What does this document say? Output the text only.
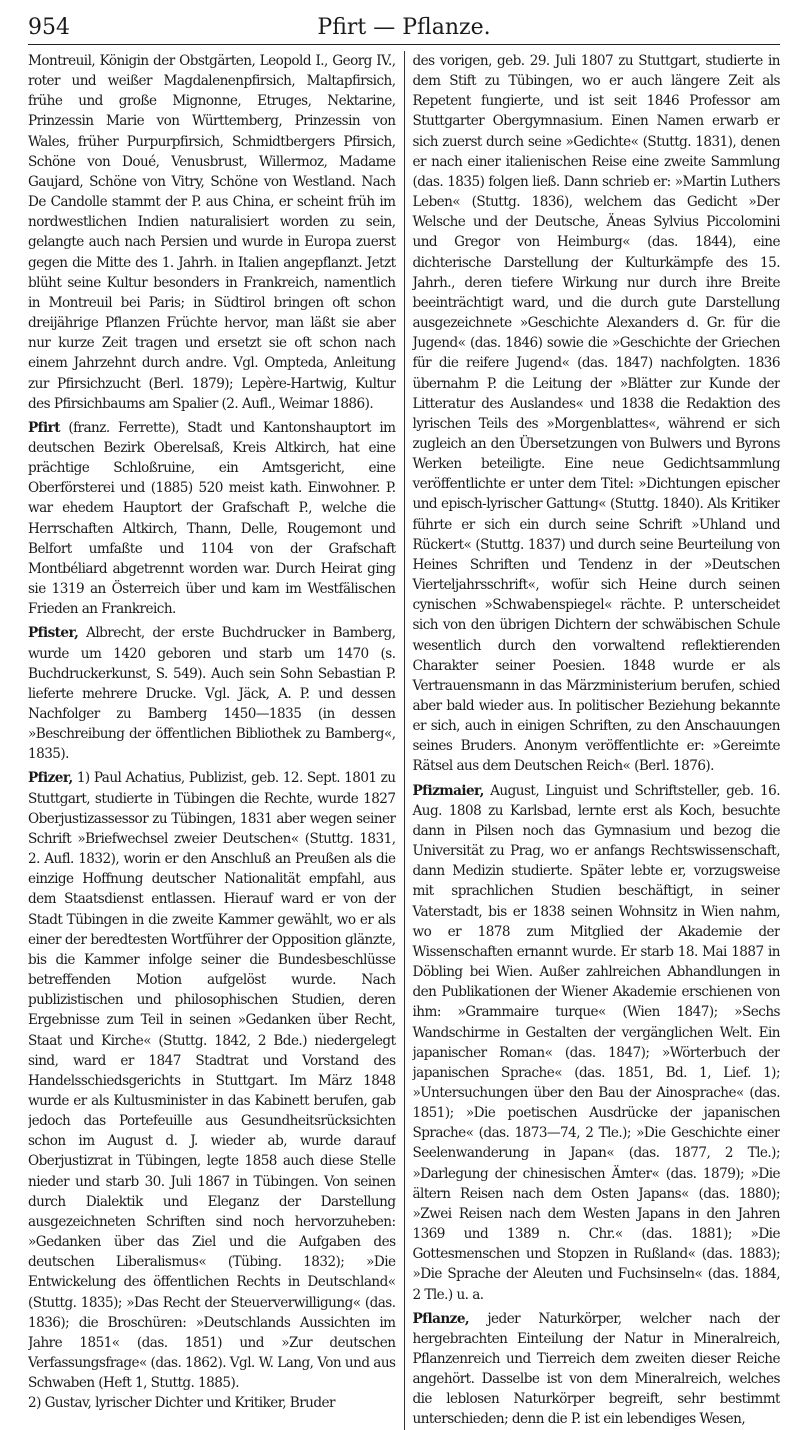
954	Pfirt — Pflanze.

Montreuil, Königin der Obstgärten, Leopold I., Georg IV., roter und weißer Magdalenenpfirsich, Maltapfirsich, frühe und große Mignonne, Etruges, Nektarine, Prinzessin Marie von Württemberg, Prinzessin von Wales, früher Purpurpfirsich, Schmidtbergers Pfirsich, Schöne von Doué, Venusbrust, Willermoz, Madame Gaujard, Schöne von Vitry, Schöne von Westland. Nach De Candolle stammt der P. aus China, er scheint früh im nordwestlichen Indien naturalisiert worden zu sein, gelangte auch nach Persien und wurde in Europa zuerst gegen die Mitte des 1. Jahrh. in Italien angepflanzt. Jetzt blüht seine Kultur besonders in Frankreich, namentlich in Montreuil bei Paris; in Südtirol bringen oft schon dreijährige Pflanzen Früchte hervor, man läßt sie aber nur kurze Zeit tragen und ersetzt sie oft schon nach einem Jahrzehnt durch andre. Vgl. Ompteda, Anleitung zur Pfirsichzucht (Berl. 1879); Lepère-Hartwig, Kultur des Pfirsichbaums am Spalier (2. Aufl., Weimar 1886).

Pfirt (franz. Ferrette), Stadt und Kantonshauptort im deutschen Bezirk Oberelsaß, Kreis Altkirch, hat eine prächtige Schloßruine, ein Amtsgericht, eine Oberförsterei und (1885) 520 meist kath. Einwohner. P. war ehedem Hauptort der Grafschaft P., welche die Herrschaften Altkirch, Thann, Delle, Rougemont und Belfort umfaßte und 1104 von der Grafschaft Montbéliard abgetrennt worden war. Durch Heirat ging sie 1319 an Österreich über und kam im Westfälischen Frieden an Frankreich.

Pfister, Albrecht, der erste Buchdrucker in Bamberg, wurde um 1420 geboren und starb um 1470 (s. Buchdruckerkunst, S. 549). Auch sein Sohn Sebastian P. lieferte mehrere Drucke. Vgl. Jäck, A. P. und dessen Nachfolger zu Bamberg 1450—1835 (in dessen »Beschreibung der öffentlichen Bibliothek zu Bamberg«, 1835).

Pfizer, 1) Paul Achatius, Publizist, geb. 12. Sept. 1801 zu Stuttgart, studierte in Tübingen die Rechte, wurde 1827 Oberjustizassessor zu Tübingen, 1831 aber wegen seiner Schrift »Briefwechsel zweier Deutschen« (Stuttg. 1831, 2. Aufl. 1832), worin er den Anschluß an Preußen als die einzige Hoffnung deutscher Nationalität empfahl, aus dem Staatsdienst entlassen. Hierauf ward er von der Stadt Tübingen in die zweite Kammer gewählt, wo er als einer der beredtesten Wortführer der Opposition glänzte, bis die Kammer infolge seiner die Bundesbeschlüsse betreffenden Motion aufgelöst wurde. Nach publizistischen und philosophischen Studien, deren Ergebnisse zum Teil in seinen »Gedanken über Recht, Staat und Kirche« (Stuttg. 1842, 2 Bde.) niedergelegt sind, ward er 1847 Stadtrat und Vorstand des Handelsschiedsgerichts in Stuttgart. Im März 1848 wurde er als Kultusminister in das Kabinett berufen, gab jedoch das Portefeuille aus Gesundheitsrücksichten schon im August d. J. wieder ab, wurde darauf Oberjustizrat in Tübingen, legte 1858 auch diese Stelle nieder und starb 30. Juli 1867 in Tübingen. Von seinen durch Dialektik und Eleganz der Darstellung ausgezeichneten Schriften sind noch hervorzuheben: »Gedanken über das Ziel und die Aufgaben des deutschen Liberalismus« (Tübing. 1832); »Die Entwickelung des öffentlichen Rechts in Deutschland« (Stuttg. 1835); »Das Recht der Steuerverwilligung« (das. 1836); die Broschüren: »Deutschlands Aussichten im Jahre 1851« (das. 1851) und »Zur deutschen Verfassungsfrage« (das. 1862). Vgl. W. Lang, Von und aus Schwaben (Heft 1, Stuttg. 1885).

2) Gustav, lyrischer Dichter und Kritiker, Bruder

des vorigen, geb. 29. Juli 1807 zu Stuttgart, studierte in dem Stift zu Tübingen, wo er auch längere Zeit als Repetent fungierte, und ist seit 1846 Professor am Stuttgarter Obergymnasium. Einen Namen erwarb er sich zuerst durch seine »Gedichte« (Stuttg. 1831), denen er nach einer italienischen Reise eine zweite Sammlung (das. 1835) folgen ließ. Dann schrieb er: »Martin Luthers Leben« (Stuttg. 1836), welchem das Gedicht »Der Welsche und der Deutsche, Äneas Sylvius Piccolomini und Gregor von Heimburg« (das. 1844), eine dichterische Darstellung der Kulturkämpfe des 15. Jahrh., deren tiefere Wirkung nur durch ihre Breite beeinträchtigt ward, und die durch gute Darstellung ausgezeichnete »Geschichte Alexanders d. Gr. für die Jugend« (das. 1846) sowie die »Geschichte der Griechen für die reifere Jugend« (das. 1847) nachfolgten. 1836 übernahm P. die Leitung der »Blätter zur Kunde der Litteratur des Auslandes« und 1838 die Redaktion des lyrischen Teils des »Morgenblattes«, während er sich zugleich an den Übersetzungen von Bulwers und Byrons Werken beteiligte. Eine neue Gedichtsammlung veröffentlichte er unter dem Titel: »Dichtungen epischer und episch-lyrischer Gattung« (Stuttg. 1840). Als Kritiker führte er sich ein durch seine Schrift »Uhland und Rückert« (Stuttg. 1837) und durch seine Beurteilung von Heines Schriften und Tendenz in der »Deutschen Vierteljahrsschrift«, wofür sich Heine durch seinen cynischen »Schwabenspiegel« rächte. P. unterscheidet sich von den übrigen Dichtern der schwäbischen Schule wesentlich durch den vorwaltend reflektierenden Charakter seiner Poesien. 1848 wurde er als Vertrauensmann in das Märzministerium berufen, schied aber bald wieder aus. In politischer Beziehung bekannte er sich, auch in einigen Schriften, zu den Anschauungen seines Bruders. Anonym veröffentlichte er: »Gereimte Rätsel aus dem Deutschen Reich« (Berl. 1876).

Pfizmaier, August, Linguist und Schriftsteller, geb. 16. Aug. 1808 zu Karlsbad, lernte erst als Koch, besuchte dann in Pilsen noch das Gymnasium und bezog die Universität zu Prag, wo er anfangs Rechtswissenschaft, dann Medizin studierte. Später lebte er, vorzugsweise mit sprachlichen Studien beschäftigt, in seiner Vaterstadt, bis er 1838 seinen Wohnsitz in Wien nahm, wo er 1878 zum Mitglied der Akademie der Wissenschaften ernannt wurde. Er starb 18. Mai 1887 in Döbling bei Wien. Außer zahlreichen Abhandlungen in den Publikationen der Wiener Akademie erschienen von ihm: »Grammaire turque« (Wien 1847); »Sechs Wandschirme in Gestalten der vergänglichen Welt. Ein japanischer Roman« (das. 1847); »Wörterbuch der japanischen Sprache« (das. 1851, Bd. 1, Lief. 1); »Untersuchungen über den Bau der Ainosprache« (das. 1851); »Die poetischen Ausdrücke der japanischen Sprache« (das. 1873—74, 2 Tle.); »Die Geschichte einer Seelenwanderung in Japan« (das. 1877, 2 Tle.); »Darlegung der chinesischen Ämter« (das. 1879); »Die ältern Reisen nach dem Osten Japans« (das. 1880); »Zwei Reisen nach dem Westen Japans in den Jahren 1369 und 1389 n. Chr.« (das. 1881); »Die Gottesmenschen und Stopzen in Rußland« (das. 1883); »Die Sprache der Aleuten und Fuchsinseln« (das. 1884, 2 Tle.) u. a.

Pflanze, jeder Naturkörper, welcher nach der hergebrachten Einteilung der Natur in Mineralreich, Pflanzenreich und Tierreich dem zweiten dieser Reiche angehört. Dasselbe ist von dem Mineralreich, welches die leblosen Naturkörper begreift, sehr bestimmt unterschieden; denn die P. ist ein lebendiges Wesen,
